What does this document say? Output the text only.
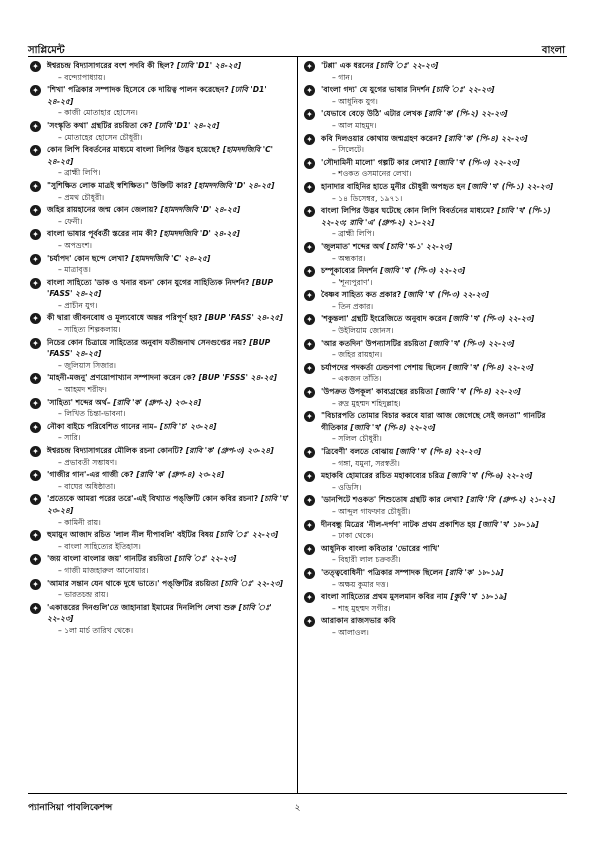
সাপ্লিমেন্ট	বাংলা
✦
ঈশ্বরচন্দ্র বিদ্যাসাগরের বংশ পদবি কী ছিল? [ঢাবি 'D1' ২৪-২৫]
– বন্দ্যোপাধ্যায়।
✦
'শিখা' পত্রিকার সম্পাদক হিসেবে কে দায়িত্ব পালন করেছেন? [ঢাবি 'D1' ২৪-২৫]
– কাজী মোতাহার হোসেন।
✦
'সংস্কৃতি কথা' গ্রন্থটির রচয়িতা কে? [ঢাবি 'D1' ২৪-২৫]
– মোতাহের হোসেন চৌধুরী।
✦
কোন লিপি বিবর্তনের মাধ্যমে বাংলা লিপির উদ্ভব হয়েছে? [হামদদজিবি 'C' ২৪-২৫]
– ব্রাহ্মী লিপি।
✦
"সুশিক্ষিত লোক মাত্রই স্বশিক্ষিত।" উক্তিটি কার? [হামদদজিবি 'D' ২৪-২৫]
– প্রমথ চৌধুরী।
✦
জহির রায়হানের জন্ম কোন জেলায়? [হামদদজিবি 'D' ২৪-২৫]
– ফেনী।
✦
বাংলা ভাষার পূর্ববর্তী স্তরের নাম কী? [হামদদজিবি 'D' ২৪-২৫]
– অপভ্রংশ।
✦
'চর্যাপদ' কোন ছন্দে লেখা? [হামদদজিবি 'C' ২৪-২৫]
– মাত্রাবৃত্ত।
✦
বাংলা সাহিত্যে 'ডাক ও খনার বচন' কোন যুগের সাহিত্যিক নিদর্শন? [BUP 'FASS' ২৪-২৫]
– প্রাচীন যুগ।
✦
কী দ্বারা জীবনবোধ ও মূল্যবোধে অন্তর পরিপূর্ণ হয়? [BUP 'FASS' ২৪-২৫]
– সাহিত্য শিল্পকলায়।
✦
নিচের কোন চিত্রায়ে সাহিত্যের অনুবাদ যতীন্দ্রনাথ সেনগুপ্তের নয়? [BUP 'FASS' ২৪-২৫]
– জুলিয়াস সিজার।
✦
'মাহনী-মজনু' প্রণয়োপাখ্যান সম্পাদনা করেন কে? [BUP 'FSSS' ২৪-২৫]
– আহমদ শরীফ।
✦
'সাহিত্য' শব্দের অর্থ– [রাবি 'ক' (গ্রুপ-২) ২৩-২৪]
– লিখিত চিন্তা-ভাবনা।
✦
নৌকা বাইচে পরিবেশিত গানের নাম– [চাবি 'চ' ২৩-২৪]
– সারি।
✦
ঈশ্বরচন্দ্র বিদ্যাসাগরের মৌলিক রচনা কোনটি? [রাবি 'ক' (গ্রুপ-৩) ২৩-২৪]
– প্রভাবতী সম্ভাষণ।
✦
'গাজীর গান'-এর গাজী কে? [রাবি 'ক' (গ্রুপ-৪) ২৩-২৪]
– বাঘের অধিষ্ঠাতা।
✦
'প্রত্যেকে আমরা পরের তরে'-এই বিখ্যাত পঙ্‌ক্তিটি কোন কবির রচনা? [চাবি 'ঘ' ২৩-২৪]
– কামিনী রায়।
✦
হুমায়ুন আজাদ রচিত 'লাল নীল দীপাবলি' বইটির বিষয় [চাবি 'ঃ' ২২-২৩]
– বাংলা সাহিত্যের ইতিহাস।
✦
'জয় বাংলা বাংলার জয়' গানটির রচয়িতা [চাবি 'ঃ' ২২-২৩]
– গাজী মাজহারুল আনোয়ার।
✦
'আমার সন্তান যেন থাকে দুধে ভাতে।' পঙ্‌ক্তিটির রচয়িতা [চাবি 'ঃ' ২২-২৩]
– ভারতচন্দ্র রায়।
✦
'একাত্তরের দিনগুলি'তে জাহানারা ইমামের দিনলিপি লেখা শুরু [চাবি 'ঃ' ২২-২৩]
– ১লা মার্চ তারিখ থেকে।
✦
'টপ্পা' এক ধরনের [চাবি 'ঃ' ২২-২৩]
– গান।
✦
'বাংলা গদ্য' যে যুগের ভাষার নিদর্শন [চাবি 'ঃ' ২২-২৩]
– আধুনিক যুগ।
✦
'যেভাবে বেড়ে উঠি' এটার লেখক [রাবি 'ক' (পি-২) ২২-২৩]
– আল মাহমুদ।
✦
কবি দিলওয়ার কোথায় জন্মগ্রহণ করেন? [রাবি 'ক' (পি-৪) ২২-২৩]
– সিলেটে।
✦
'সৌদামিনী মালো' গল্পটি কার লেখা? [জাবি 'খ' (পি-৩) ২২-২৩]
– শওকত ওসমানের লেখা।
✦
হানাদার বাহিনির হাতে মুনীর চৌধুরী অপহৃত হন [জাবি 'খ' (পি-১) ২২-২৩]
– ১৪ ডিসেম্বর, ১৯৭১।
✦
বাংলা লিপির উদ্ভব ঘটেছে কোন লিপি বিবর্তনের মাধ্যমে? [চাবি 'খ' (পি-১) ২২-২৩; রাবি 'এ' (গ্রুপ-২) ২১-২২]
– ব্রাহ্মী লিপি।
✦
'জুলমাত' শব্দের অর্থ [চাবি 'খ-১' ২২-২৩]
– অন্ধকার।
✦
চম্পূকাব্যের নিদর্শন [জাবি 'খ' (পি-৩) ২২-২৩]
– 'শূন্যপুরাণ'।
✦
বৈষ্ণব সাহিত্য কত প্রকার? [জাবি 'খ' (পি-৩) ২২-২৩]
– তিন প্রকার।
✦
'শকুন্তলা' গ্রন্থটি ইংরেজিতে অনুবাদ করেন [জাবি 'খ' (পি-৩) ২২-২৩]
– উইলিয়াম জোনস।
✦
'আর কতদিন' উপন্যাসটির রচয়িতা [জাবি 'খ' (পি-৩) ২২-২৩]
– জহির রায়হান।
✦
চর্যাপদের পদকর্তা ঢেন্ডণপা পেশায় ছিলেন [জাবি 'খ' (পি-৪) ২২-২৩]
– একজন তাঁতি।
✦
'উপক্রত উপকূল' কাব্যগ্রন্থের রচয়িতা [জাবি 'খ' (পি-৪) ২২-২৩]
– রুদ্র মুহম্মদ শহিদুল্লাহ।
✦
"বিচারপতি তোমার বিচার করবে যারা আজ জেগেছে সেই জনতা" গানটির গীতিকার [জাবি 'খ' (পি-৪) ২২-২৩]
– সলিল চৌধুরী।
✦
'ত্রিবেণী' বলতে বোঝায় [জাবি 'খ' (পি-৪) ২২-২৩]
– গঙ্গা, যমুনা, সরস্বতী।
✦
মহাকবি হোমারের রচিত মহাকাব্যের চরিত্র [জাবি 'খ' (পি-৬) ২২-২৩]
– ওডিসি।
✦
'ডানপিটে শওকত' শিশুতোষ গ্রন্থটি কার লেখা? [রাবি 'বি' (গ্রুপ-২) ২১-২২]
– আব্দুল গাফফার চৌধুরী।
✦
দীনবন্ধু মিত্রের 'নীল-দর্পণ' নাটক প্রথম প্রকাশিত হয় [জাবি 'খ' ১৮-১৯]
– ঢাকা থেকে।
✦
আধুনিক বাংলা কবিতার 'ভোরের পাখি'
– বিহারী লাল চক্রবর্তী।
✦
'তত্ত্ববোধিনী' পত্রিকার সম্পাদক ছিলেন [রাবি 'ক' ১৮-১৯]
– অক্ষয় কুমার দত্ত।
✦
বাংলা সাহিত্যের প্রথম মুসলমান কবির নাম [কুবি 'খ' ১৮-১৯]
– শাহ মুহম্মদ সগীর।
✦
আরাকান রাজসভার কবি
– আলাওল।
প্যানাসিয়া পাবলিকেশন্স	২
